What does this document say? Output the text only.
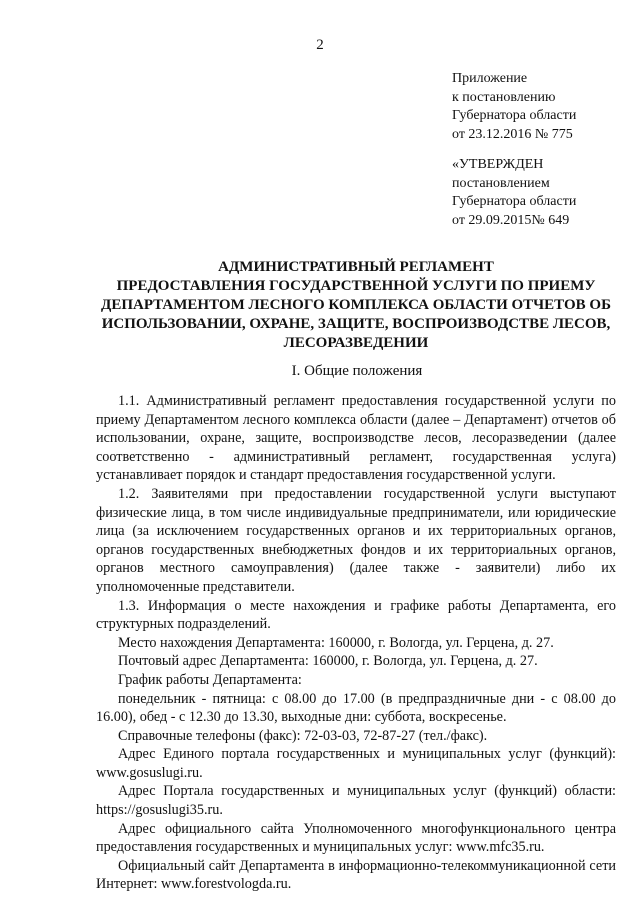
2
Приложение
к постановлению
Губернатора области
от 23.12.2016 № 775
«УТВЕРЖДЕН
постановлением
Губернатора области
от 29.09.2015№ 649
АДМИНИСТРАТИВНЫЙ РЕГЛАМЕНТ
ПРЕДОСТАВЛЕНИЯ ГОСУДАРСТВЕННОЙ УСЛУГИ ПО ПРИЕМУ
ДЕПАРТАМЕНТОМ ЛЕСНОГО КОМПЛЕКСА ОБЛАСТИ ОТЧЕТОВ ОБ
ИСПОЛЬЗОВАНИИ, ОХРАНЕ, ЗАЩИТЕ, ВОСПРОИЗВОДСТВЕ ЛЕСОВ,
ЛЕСОРАЗВЕДЕНИИ
I. Общие положения

1.1. Административный регламент предоставления государственной услуги по приему Департаментом лесного комплекса области (далее – Департамент) отчетов об использовании, охране, защите, воспроизводстве лесов, лесоразведении (далее соответственно - административный регламент, государственная услуга) устанавливает порядок и стандарт предоставления государственной услуги.

1.2. Заявителями при предоставлении государственной услуги выступают физические лица, в том числе индивидуальные предприниматели, или юридические лица (за исключением государственных органов и их территориальных органов, органов государственных внебюджетных фондов и их территориальных органов, органов местного самоуправления) (далее также - заявители) либо их уполномоченные представители.

1.3. Информация о месте нахождения и графике работы Департамента, его структурных подразделений.

Место нахождения Департамента: 160000, г. Вологда, ул. Герцена, д. 27.

Почтовый адрес Департамента: 160000, г. Вологда, ул. Герцена, д. 27.

График работы Департамента:

понедельник - пятница: с 08.00 до 17.00 (в предпраздничные дни - с 08.00 до 16.00), обед - с 12.30 до 13.30, выходные дни: суббота, воскресенье.

Справочные телефоны (факс): 72-03-03, 72-87-27 (тел./факс).

Адрес Единого портала государственных и муниципальных услуг (функций): www.gosuslugi.ru.

Адрес Портала государственных и муниципальных услуг (функций) области: https://gosuslugi35.ru.

Адрес официального сайта Уполномоченного многофункционального центра предоставления государственных и муниципальных услуг: www.mfc35.ru.

Официальный сайт Департамента в информационно-телекоммуникационной сети Интернет: www.forestvologda.ru.
